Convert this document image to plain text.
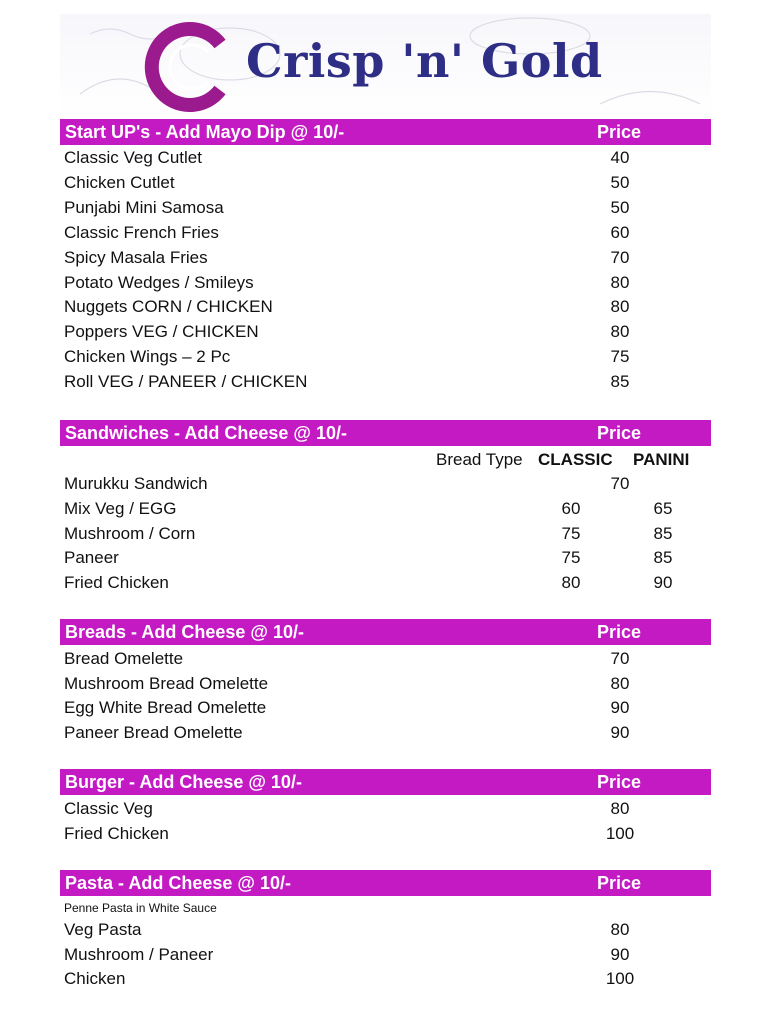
Crisp 'n' Gold
Start UP's - Add Mayo Dip @ 10/-	Price
Classic Veg Cutlet	40
Chicken Cutlet	50
Punjabi Mini Samosa	50
Classic French Fries	60
Spicy Masala Fries	70
Potato Wedges / Smileys	80
Nuggets CORN / CHICKEN	80
Poppers VEG / CHICKEN	80
Chicken Wings – 2 Pc	75
Roll VEG / PANEER / CHICKEN	85
Sandwiches - Add Cheese @ 10/-	Price
Bread Type CLASSIC PANINI
Murukku Sandwich	70
Mix Veg / EGG	60	65
Mushroom / Corn	75	85
Paneer	75	85
Fried Chicken	80	90
Breads - Add Cheese @ 10/-	Price
Bread Omelette	70
Mushroom Bread Omelette	80
Egg White Bread Omelette	90
Paneer Bread Omelette	90
Burger - Add Cheese @ 10/-	Price
Classic Veg	80
Fried Chicken	100
Pasta - Add Cheese @ 10/-	Price
Penne Pasta in White Sauce
Veg Pasta	80
Mushroom / Paneer	90
Chicken	100
